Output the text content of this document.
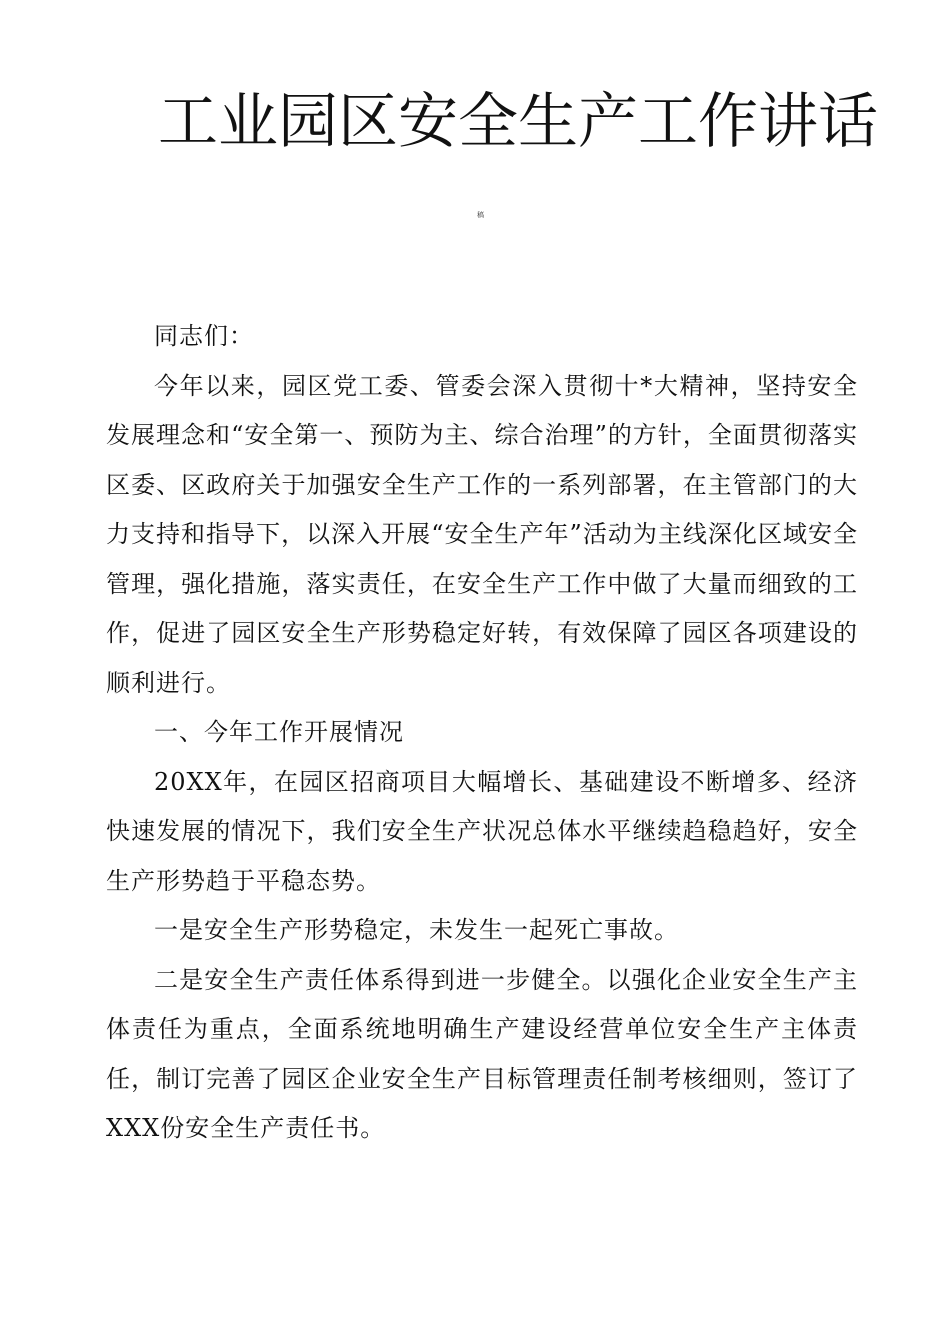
工业园区安全生产工作讲话
稿

同志们：

今年以来，园区党工委、管委会深入贯彻十*大精神，坚持安全发展理念和“安全第一、预防为主、综合治理”的方针，全面贯彻落实区委、区政府关于加强安全生产工作的一系列部署，在主管部门的大力支持和指导下，以深入开展“安全生产年”活动为主线深化区域安全管理，强化措施，落实责任，在安全生产工作中做了大量而细致的工作，促进了园区安全生产形势稳定好转，有效保障了园区各项建设的顺利进行。

一、今年工作开展情况

20XX年，在园区招商项目大幅增长、基础建设不断增多、经济快速发展的情况下，我们安全生产状况总体水平继续趋稳趋好，安全生产形势趋于平稳态势。

一是安全生产形势稳定，未发生一起死亡事故。

二是安全生产责任体系得到进一步健全。以强化企业安全生产主体责任为重点，全面系统地明确生产建设经营单位安全生产主体责任，制订完善了园区企业安全生产目标管理责任制考核细则，签订了XXX份安全生产责任书。
